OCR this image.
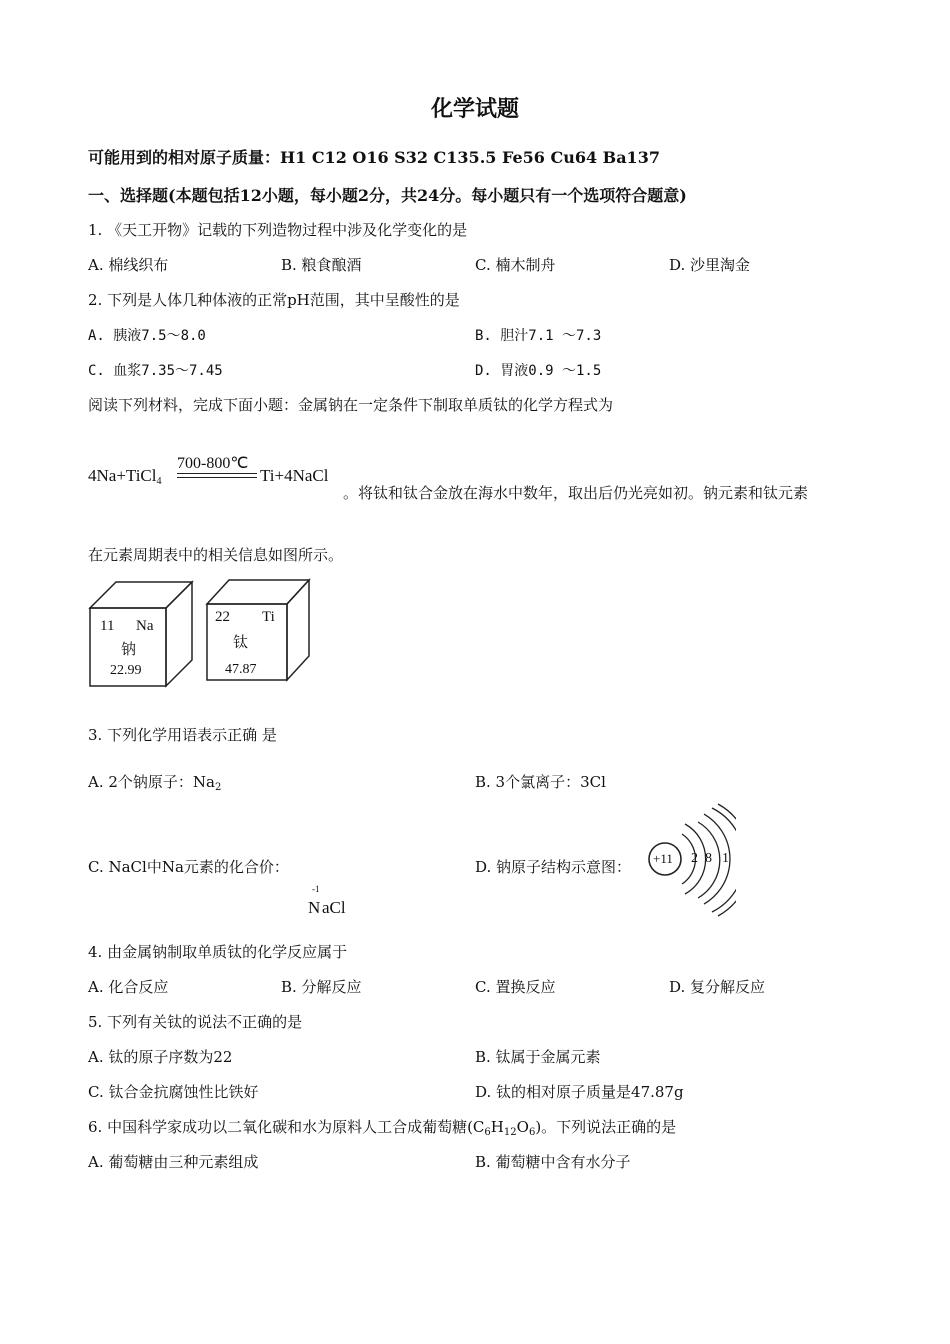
化学试题
可能用到的相对原子质量：H1 C12 O16 S32 C135.5 Fe56 Cu64 Ba137
一、选择题(本题包括12小题，每小题2分，共24分。每小题只有一个选项符合题意)
1. 《天工开物》记载的下列造物过程中涉及化学变化的是
A. 棉线织布	B. 粮食酿酒	C. 楠木制舟	D. 沙里淘金
2. 下列是人体几种体液的正常pH范围，其中呈酸性的是
A. 胰液7.5～8.0	B. 胆汁7.1 ～7.3
C. 血浆7.35～7.45	D. 胃液0.9 ～1.5
阅读下列材料，完成下面小题：金属钠在一定条件下制取单质钛的化学方程式为
4Na+TiCl$_4$
700-800℃
Ti+4NaCl
。将钛和钛合金放在海水中数年，取出后仍光亮如初。钠元素和钛元素
在元素周期表中的相关信息如图所示。
11 Na
钠
22.99
22 Ti
钛
47.87
3. 下列化学用语表示正确 是
A. 2个钠原子：$Na_2$	B. 3个氯离子：3Cl
C. NaCl中Na元素的化合价：
-1
N aCl
D. 钠原子结构示意图： +11 2 8 1
4. 由金属钠制取单质钛的化学反应属于
A. 化合反应	B. 分解反应	C. 置换反应	D. 复分解反应
5. 下列有关钛的说法不正确的是
A. 钛的原子序数为22	B. 钛属于金属元素
C. 钛合金抗腐蚀性比铁好	D. 钛的相对原子质量是47.87g
6. 中国科学家成功以二氧化碳和水为原料人工合成葡萄糖$(C_6H_{12}O_6)$。下列说法正确的是
A. 葡萄糖由三种元素组成	B. 葡萄糖中含有水分子
